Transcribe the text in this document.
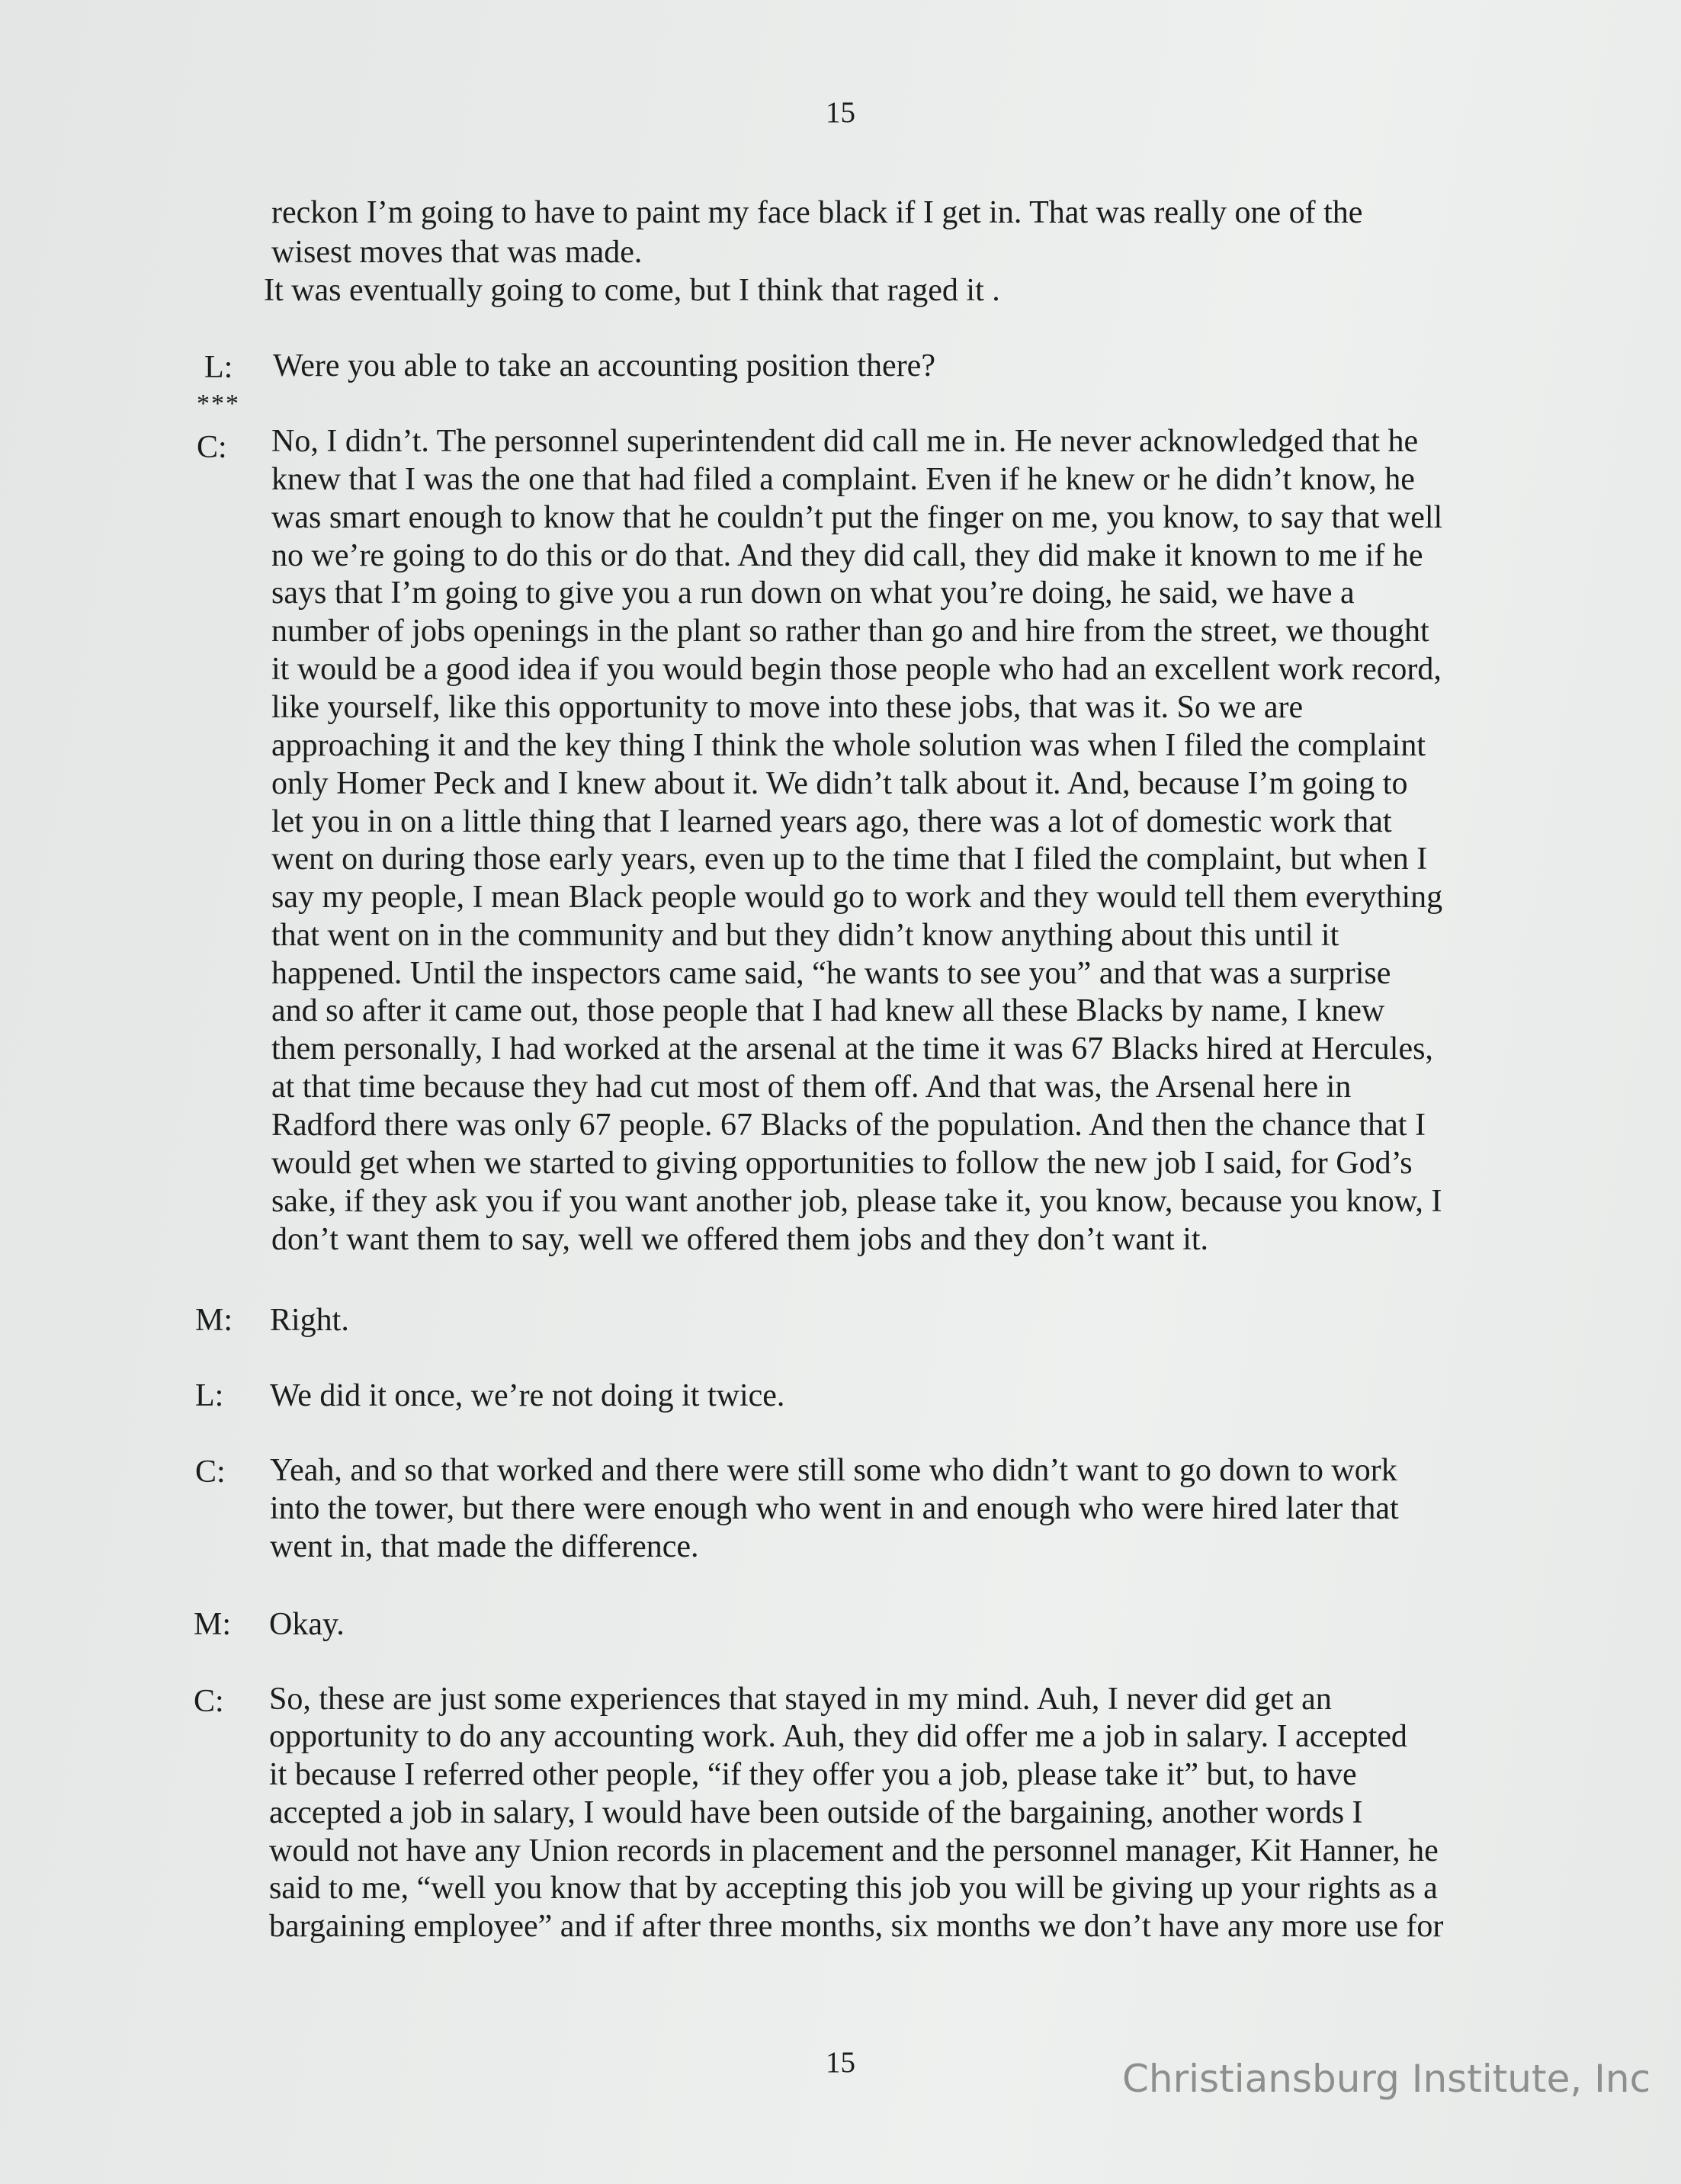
15
reckon I’m going to have to paint my face black if I get in. That was really one of the
wisest moves that was made.
It was eventually going to come, but I think that raged it .
L: Were you able to take an accounting position there?
***
C: No, I didn’t. The personnel superintendent did call me in. He never acknowledged that he
knew that I was the one that had filed a complaint. Even if he knew or he didn’t know, he
was smart enough to know that he couldn’t put the finger on me, you know, to say that well
no we’re going to do this or do that. And they did call, they did make it known to me if he
says that I’m going to give you a run down on what you’re doing, he said, we have a
number of jobs openings in the plant so rather than go and hire from the street, we thought
it would be a good idea if you would begin those people who had an excellent work record,
like yourself, like this opportunity to move into these jobs, that was it. So we are
approaching it and the key thing I think the whole solution was when I filed the complaint
only Homer Peck and I knew about it. We didn’t talk about it. And, because I’m going to
let you in on a little thing that I learned years ago, there was a lot of domestic work that
went on during those early years, even up to the time that I filed the complaint, but when I
say my people, I mean Black people would go to work and they would tell them everything
that went on in the community and but they didn’t know anything about this until it
happened. Until the inspectors came said, “he wants to see you” and that was a surprise
and so after it came out, those people that I had knew all these Blacks by name, I knew
them personally, I had worked at the arsenal at the time it was 67 Blacks hired at Hercules,
at that time because they had cut most of them off. And that was, the Arsenal here in
Radford there was only 67 people. 67 Blacks of the population. And then the chance that I
would get when we started to giving opportunities to follow the new job I said, for God’s
sake, if they ask you if you want another job, please take it, you know, because you know, I
don’t want them to say, well we offered them jobs and they don’t want it.
M: Right.
L: We did it once, we’re not doing it twice.
C: Yeah, and so that worked and there were still some who didn’t want to go down to work
into the tower, but there were enough who went in and enough who were hired later that
went in, that made the difference.
M: Okay.
C: So, these are just some experiences that stayed in my mind. Auh, I never did get an
opportunity to do any accounting work. Auh, they did offer me a job in salary. I accepted
it because I referred other people, “if they offer you a job, please take it” but, to have
accepted a job in salary, I would have been outside of the bargaining, another words I
would not have any Union records in placement and the personnel manager, Kit Hanner, he
said to me, “well you know that by accepting this job you will be giving up your rights as a
bargaining employee” and if after three months, six months we don’t have any more use for
15	Christiansburg Institute, Inc
